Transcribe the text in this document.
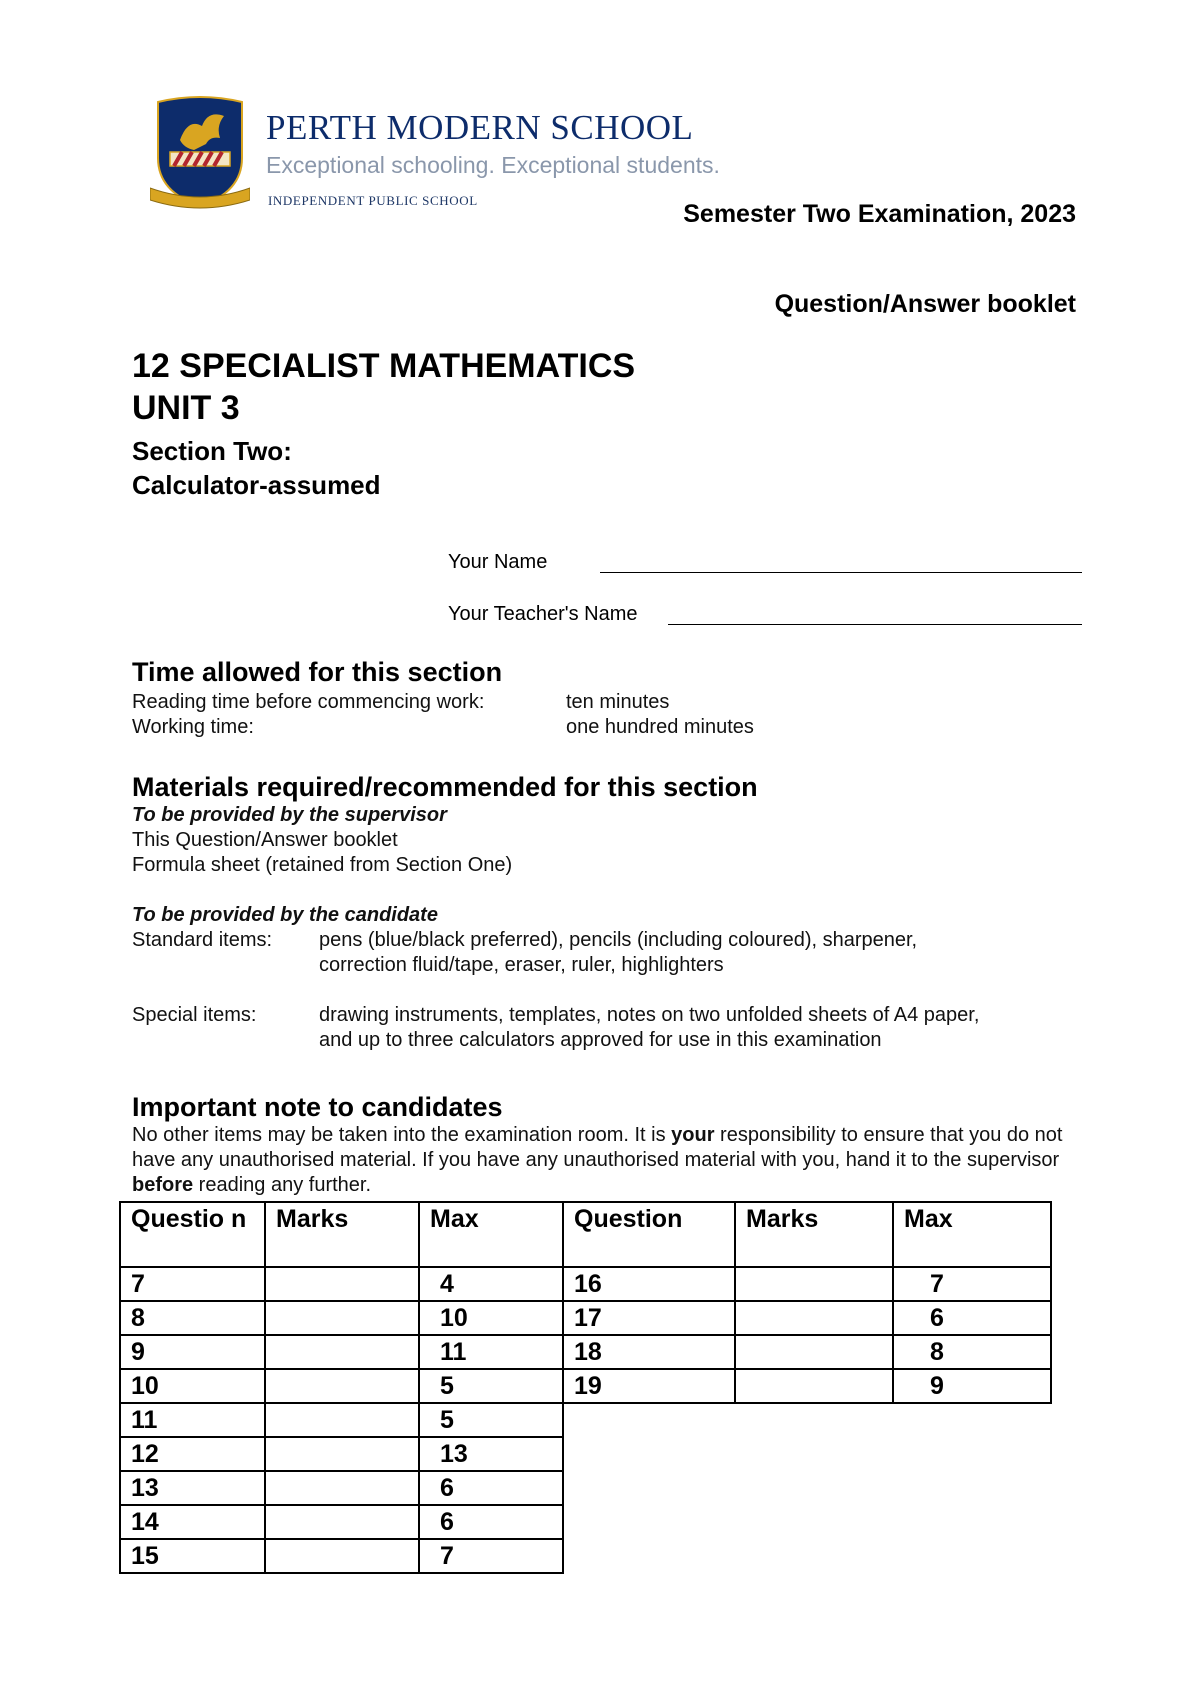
PERTH MODERN SCHOOL
Exceptional schooling. Exceptional students.
INDEPENDENT PUBLIC SCHOOL	Semester Two Examination, 2023
Question/Answer booklet
12 SPECIALIST MATHEMATICS
UNIT 3
Section Two:
Calculator-assumed
Your Name
Your Teacher's Name
Time allowed for this section
Reading time before commencing work:	ten minutes
Working time:	one hundred minutes
Materials required/recommended for this section
To be provided by the supervisor
This Question/Answer booklet
Formula sheet (retained from Section One)
To be provided by the candidate
Standard items: pens (blue/black preferred), pencils (including coloured), sharpener,
correction fluid/tape, eraser, ruler, highlighters
Special items:	drawing instruments, templates, notes on two unfolded sheets of A4 paper,
and up to three calculators approved for use in this examination
Important note to candidates
No other items may be taken into the examination room. It is your responsibility to ensure that you do not have any unauthorised material. If you have any unauthorised material with you, hand it to the supervisor before reading any further.
Questio n	Marks	Max	Question	Marks	Max
7		4	16		7
8		10	17		6
9		11	18		8
10		5	19		9
11		5			
12		13			
13		6			
14		6			
15		7			
